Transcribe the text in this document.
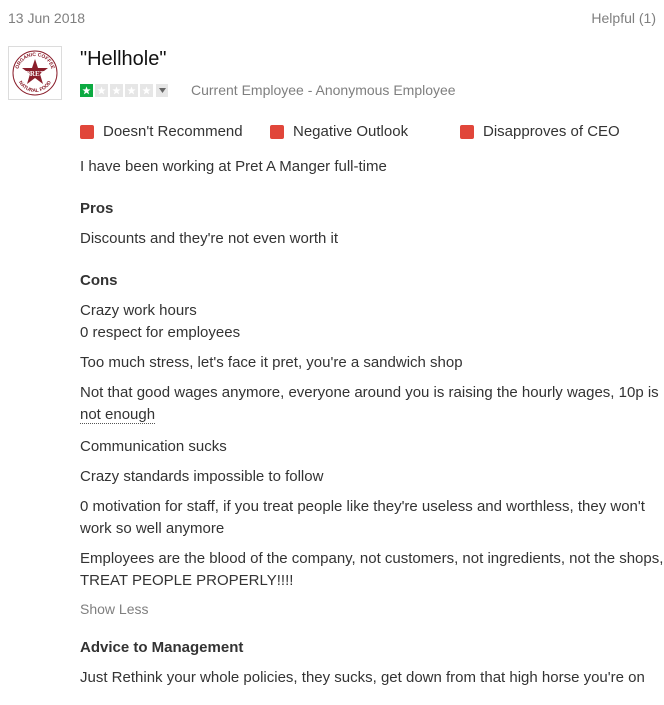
13 Jun 2018	Helpful (1)
ORGANIC COFFEE
NATURAL FOOD
PRET
"Hellhole"
Current Employee - Anonymous Employee
Doesn't Recommend	Negative Outlook	Disapproves of CEO
I have been working at Pret A Manger full-time
Pros
Discounts and they're not even worth it
Cons
Crazy work hours
0 respect for employees
Too much stress, let's face it pret, you're a sandwich shop
Not that good wages anymore, everyone around you is raising the hourly wages, 10p is
not enough
Communication sucks
Crazy standards impossible to follow
0 motivation for staff, if you treat people like they're useless and worthless, they won't
work so well anymore
Employees are the blood of the company, not customers, not ingredients, not the shops,
TREAT PEOPLE PROPERLY!!!!
Show Less
Advice to Management
Just Rethink your whole policies, they sucks, get down from that high horse you're on
